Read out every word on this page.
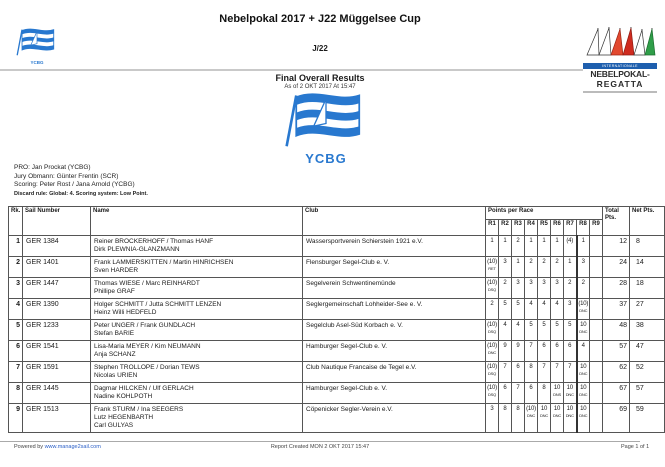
Nebelpokal 2017 + J22 Müggelsee Cup
J/22
YCBG
INTERNATIONALE
NEBELPOKAL-
REGATTA
Final Overall Results
As of 2 OKT 2017 At 15:47
YCBG
PRO: Jan Prockat (YCBG)
Jury Obmann: Günter Frentin (SCR)
Scoring: Peter Rost / Jana Arnold (YCBG)
Discard rule: Global: 4. Scoring system: Low Point.
Rk.	Sail Number	Name	Club	Points per Race									Total Pts.	Net Pts.
				R1	R2	R3	R4	R5	R6	R7	R8	R9		
1	GER 1384	Reiner BROCKERHOFF / Thomas HANF
Dirk PLEWNIA-GLANZMANN	Wassersportverein Schierstein 1921 e.V.	1	1	2	1	1	1	(4)	1		12	8
2	GER 1401	Frank LAMMERSKITTEN / Martin HINRICHSEN
Sven HARDER
	Flensburger Segel-Club e. V.	(10)
RET
	3	1	2	2	2	1	3		24	14
3	GER 1447	Thomas WIESE / Marc REINHARDT
Phillipe GRAF
	Segelverein Schwentinemünde	(10)
DSQ
	2	3	3	3	3	2	2		28	18
4	GER 1390	Holger SCHMITT / Jutta SCHMITT LENZEN
Heinz Willi HEDFELD
	Seglergemeinschaft Lohheider-See e. V.	2	5	5	4	4	4	3	(10)
DNC
		37	27
5	GER 1233	Peter UNGER / Frank GUNDLACH
Stefan BARIE
	Segelclub Asel-Süd Korbach e. V.	(10)
DSQ
	4	4	5	5	5	5	10
DNC
		48	38
6	GER 1541	Lisa-Maria MEYER / Kim NEUMANN
Anja SCHANZ
	Hamburger Segel-Club e. V.	(10)
DNC
	9	9	7	6	6	6	4		57	47
7	GER 1591	Stephen TROLLOPE / Dorian TEWS
Nicolas URIEN
	Club Nautique Francaise de Tegel e.V.	(10)
DSQ
	7	6	8	7	7	7	10
DNC
		62	52
8	GER 1445	Dagmar HILCKEN / Ulf GERLACH
Nadine KOHLPOTH
	Hamburger Segel-Club e. V.	(10)
DSQ
	6	7	6	8	10
DNS
	10
DNC
	10
DNC
		67	57
9	GER 1513	Frank STURM / Ina SEEGERS
Lutz HEGENBARTH
Carl GULYAS
	Cöpenicker Segler-Verein e.V.	3	8	8	(10)
DNC
	10
DNC
	10
DNC
	10
DNC
	10
DNC
		69	59
Powered by www.manage2sail.com	Report Created MON 2 OKT 2017 15:47	Page 1 of 1
